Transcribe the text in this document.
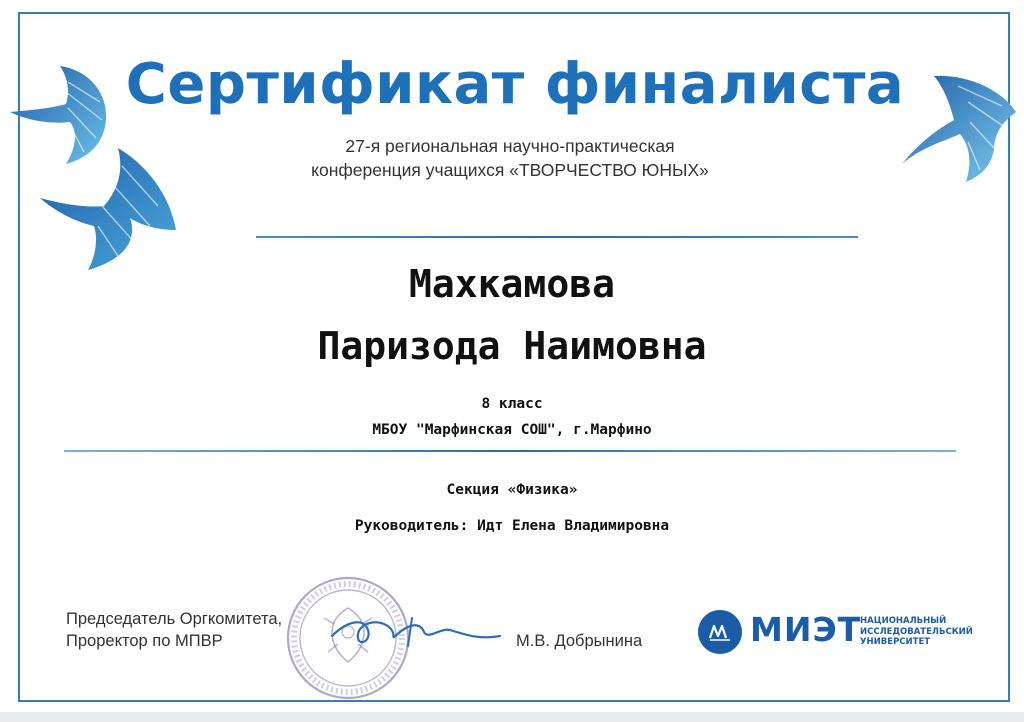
Сертификат финалиста
27-я региональная научно-практическая
конференция учащихся «ТВОРЧЕСТВО ЮНЫХ»
Махкамова
Паризода Наимовна
8 класс
МБОУ "Марфинская СОШ", г.Марфино
Секция «Физика»
Руководитель: Идт Елена Владимировна
Председатель Оргкомитета,
Проректор по МПВР	М.В. Добрынина	МИЭТ
НАЦИОНАЛЬНЫЙ
ИССЛЕДОВАТЕЛЬСКИЙ
УНИВЕРСИТЕТ
